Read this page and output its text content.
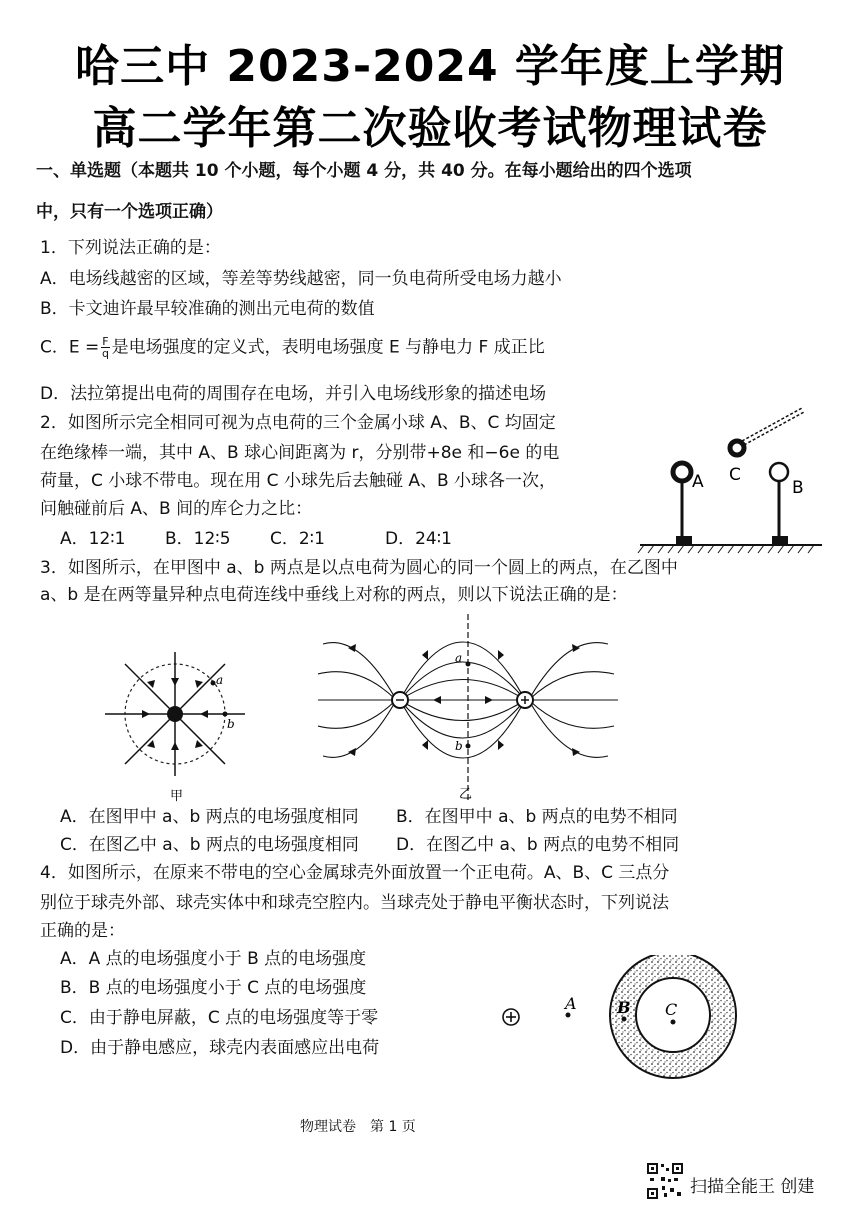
哈三中 2023-2024 学年度上学期
高二学年第二次验收考试物理试卷
一、单选题（本题共 10 个小题，每个小题 4 分，共 40 分。在每小题给出的四个选项
中，只有一个选项正确）
1．下列说法正确的是：
A．电场线越密的区域，等差等势线越密，同一负电荷所受电场力越小
B．卡文迪许最早较准确的测出元电荷的数值
C．$E = \frac{F}{q}$ 是电场强度的定义式，表明电场强度 E 与静电力 F 成正比
D．法拉第提出电荷的周围存在电场，并引入电场线形象的描述电场
2．如图所示完全相同可视为点电荷的三个金属小球 A、B、C 均固定
在绝缘棒一端，其中 A、B 球心间距离为 r，分别带+8e 和−6e 的电
荷量，C 小球不带电。现在用 C 小球先后去触碰 A、B 小球各一次，
问触碰前后 A、B 间的库仑力之比：
A．12∶1 B．12∶5 C．2∶1	D．24∶1
A	B
C
3．如图所示，在甲图中 a、b 两点是以点电荷为圆心的同一个圆上的两点，在乙图中
a、b 是在两等量异种点电荷连线中垂线上对称的两点，则以下说法正确的是：
a
b
甲
a
b
乙
A．在图甲中 a、b 两点的电场强度相同 B．在图甲中 a、b 两点的电势不相同
C．在图乙中 a、b 两点的电场强度相同 D．在图乙中 a、b 两点的电势不相同
4．如图所示，在原来不带电的空心金属球壳外面放置一个正电荷。A、B、C 三点分
别位于球壳外部、球壳实体中和球壳空腔内。当球壳处于静电平衡状态时，下列说法
正确的是：
A．A 点的电场强度小于 B 点的电场强度
B．B 点的电场强度小于 C 点的电场强度
C．由于静电屏蔽，C 点的电场强度等于零
D．由于静电感应，球壳内表面感应出电荷
A	B C
物理试卷　第 1 页
扫描全能王 创建
